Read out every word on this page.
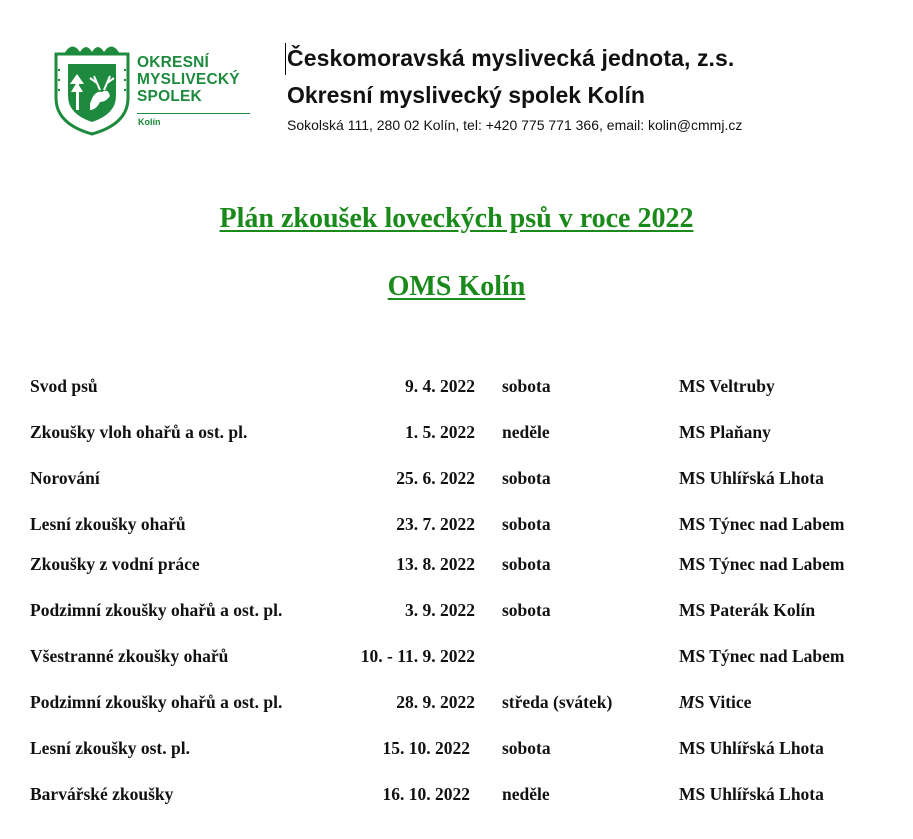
OKRESNÍ
MYSLIVECKÝ
SPOLEK
Kolín
Českomoravská myslivecká jednota, z.s.
Okresní myslivecký spolek Kolín
Sokolská 111, 280 02 Kolín, tel: +420 775 771 366, email: kolin@cmmj.cz
Plán zkoušek loveckých psů v roce 2022
OMS Kolín
Svod psů	9. 4. 2022 sobota	MS Veltruby
Zkoušky vloh ohařů a ost. pl.	1. 5. 2022 neděle	MS Plaňany
Norování	25. 6. 2022 sobota	MS Uhlířská Lhota
Lesní zkoušky ohařů	23. 7. 2022 sobota	MS Týnec nad Labem
Zkoušky z vodní práce	13. 8. 2022 sobota	MS Týnec nad Labem
Podzimní zkoušky ohařů a ost. pl.	3. 9. 2022 sobota	MS Paterák Kolín
Všestranné zkoušky ohařů	10. - 11. 9. 2022	MS Týnec nad Labem
Podzimní zkoušky ohařů a ost. pl.	28. 9. 2022 středa (svátek)	MS Vitice
Lesní zkoušky ost. pl.	15. 10. 2022 sobota	MS Uhlířská Lhota
Barvářské zkoušky	16. 10. 2022 neděle	MS Uhlířská Lhota
